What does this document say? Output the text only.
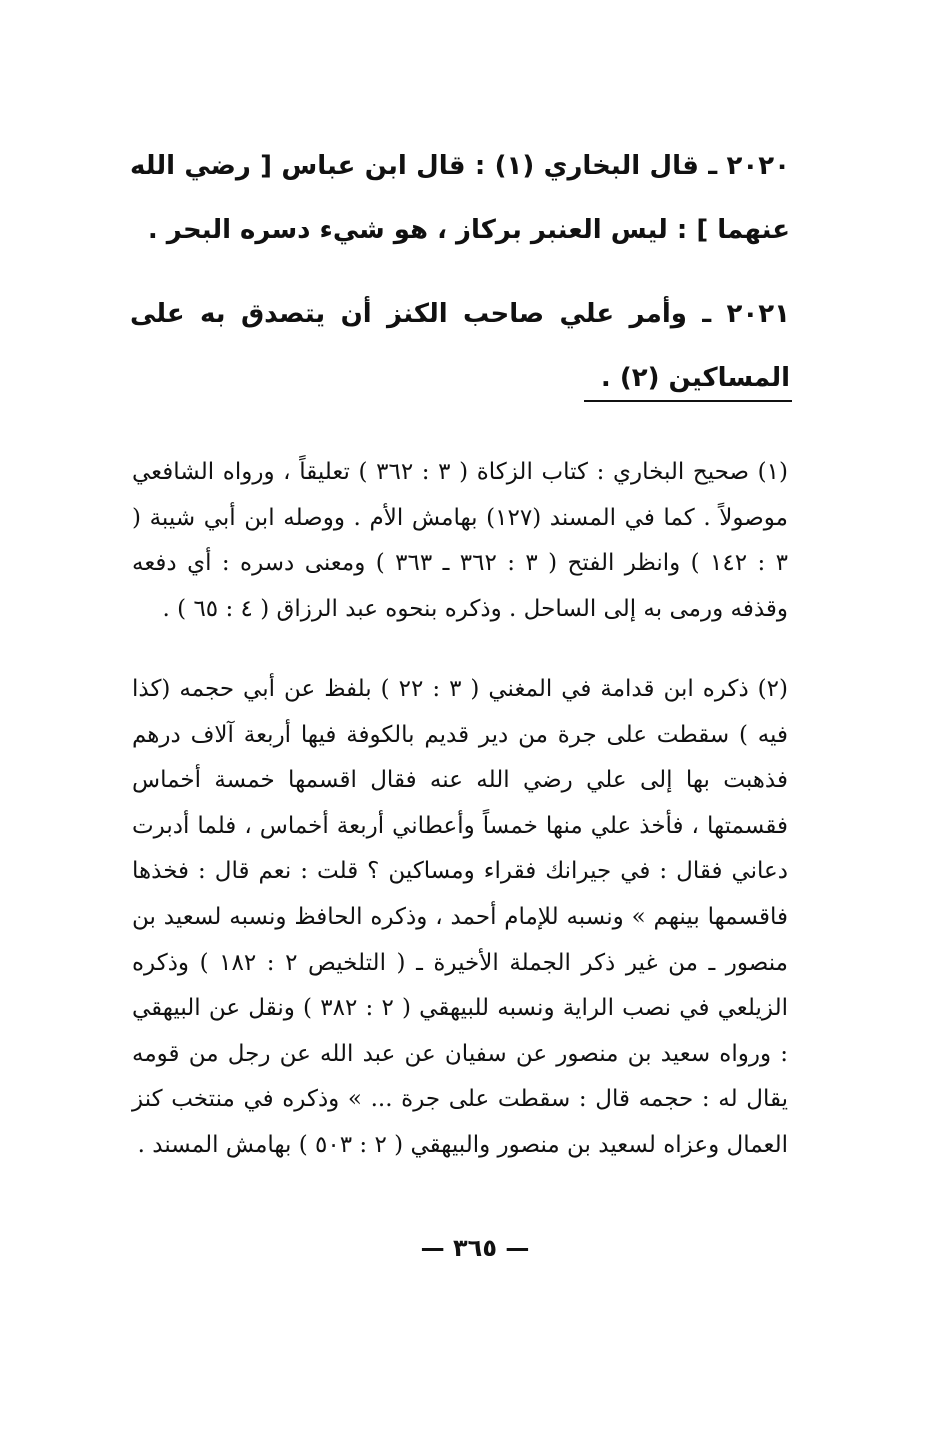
٢٠٢٠ ـ قال البخاري (١) : قال ابن عباس [ رضي الله عنهما ] : ليس العنبر بركاز ، هو شيء دسره البحر .

٢٠٢١ ـ وأمر علي صاحب الكنز أن يتصدق به على المساكين (٢) .

(١) صحيح البخاري : كتاب الزكاة ( ٣ : ٣٦٢ ) تعليقاً ، ورواه الشافعي موصولاً . كما في المسند (١٢٧) بهامش الأم . ووصله ابن أبي شيبة ( ٣ : ١٤٢ ) وانظر الفتح ( ٣ : ٣٦٢ ـ ٣٦٣ ) ومعنى دسره : أي دفعه وقذفه ورمى به إلى الساحل . وذكره بنحوه عبد الرزاق ( ٤ : ٦٥ ) .

(٢) ذكره ابن قدامة في المغني ( ٣ : ٢٢ ) بلفظ عن أبي حجمه (كذا فيه ) سقطت على جرة من دير قديم بالكوفة فيها أربعة آلاف درهم فذهبت بها إلى علي رضي الله عنه فقال اقسمها خمسة أخماس فقسمتها ، فأخذ علي منها خمساً وأعطاني أربعة أخماس ، فلما أدبرت دعاني فقال : في جيرانك فقراء ومساكين ؟ قلت : نعم قال : فخذها فاقسمها بينهم » ونسبه للإمام أحمد ، وذكره الحافظ ونسبه لسعيد بن منصور ـ من غير ذكر الجملة الأخيرة ـ ( التلخيص ٢ : ١٨٢ ) وذكره الزيلعي في نصب الراية ونسبه للبيهقي ( ٢ : ٣٨٢ ) ونقل عن البيهقي : ورواه سعيد بن منصور عن سفيان عن عبد الله عن رجل من قومه يقال له : حجمه قال : سقطت على جرة ... » وذكره في منتخب كنز العمال وعزاه لسعيد بن منصور والبيهقي ( ٢ : ٥٠٣ ) بهامش المسند .

— ٣٦٥ —
